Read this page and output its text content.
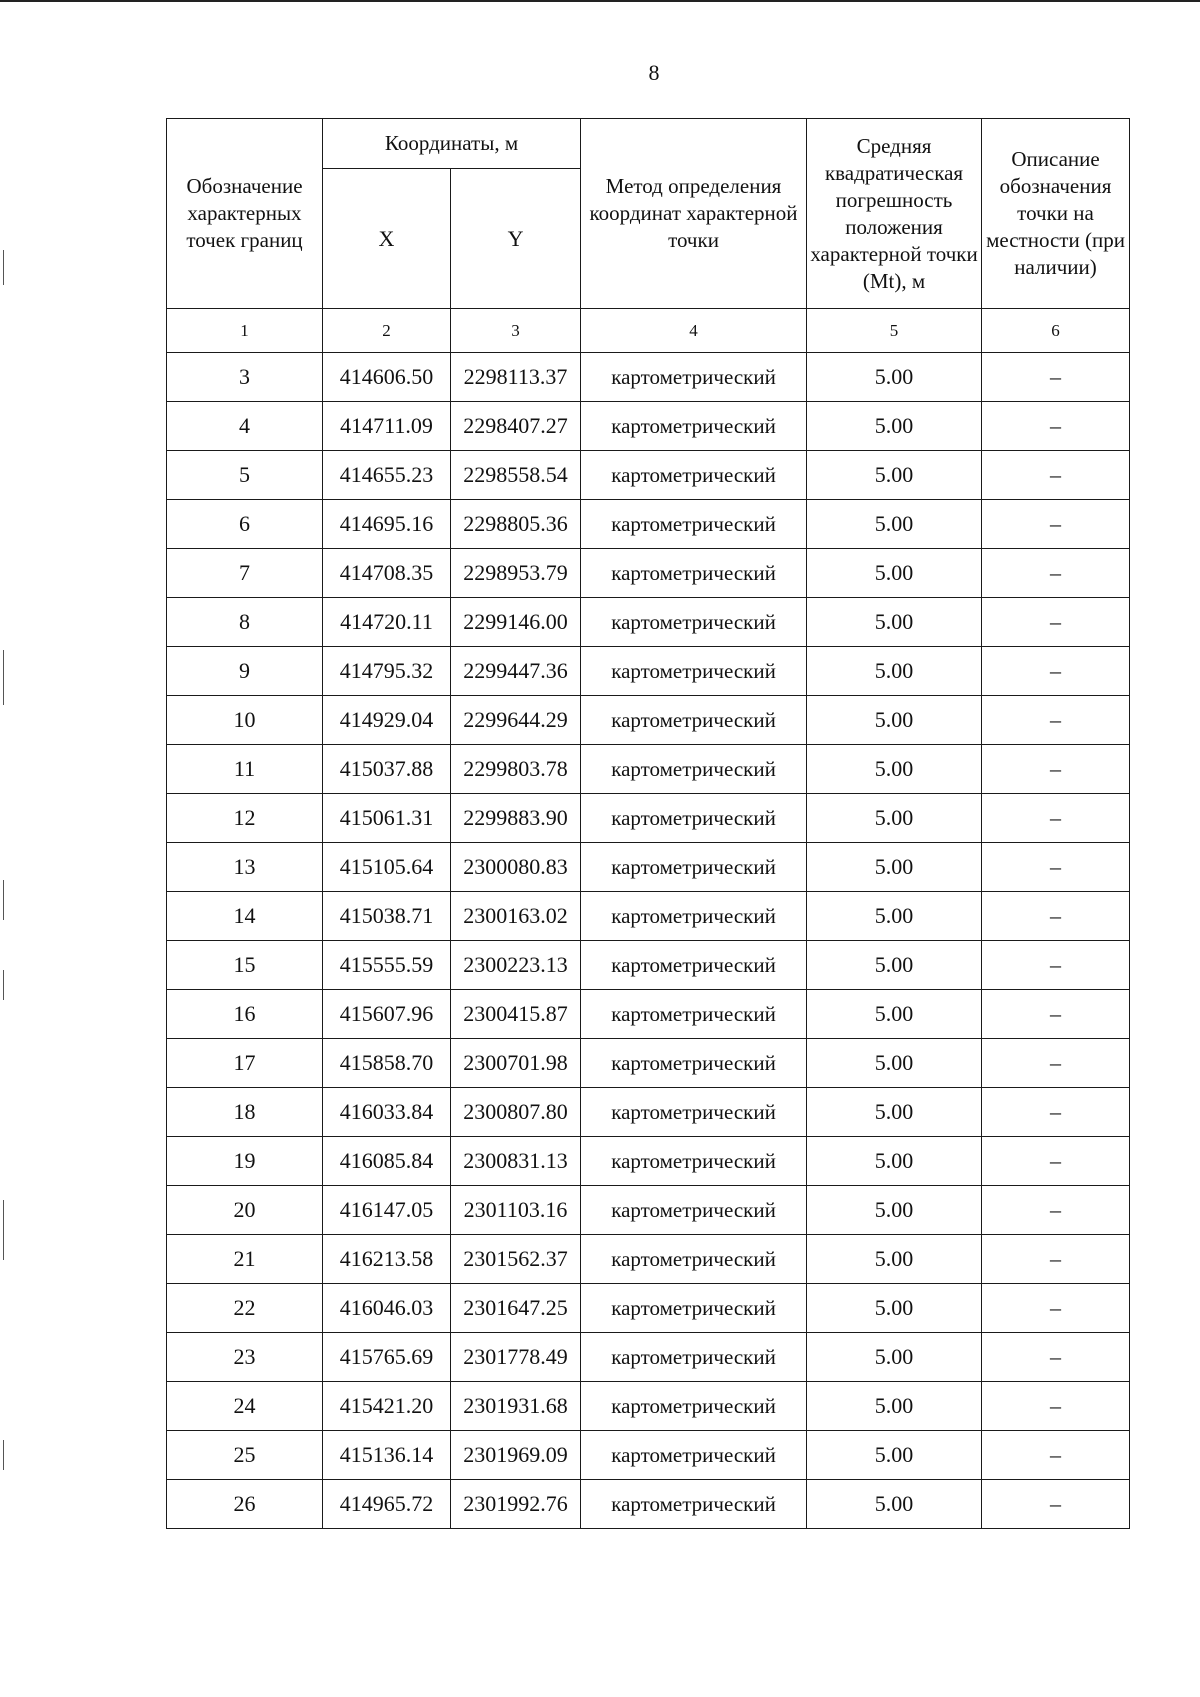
8
Обозначение характерных точек границ	Координаты, м		Метод определения координат характерной точки	Средняя квадратическая погрешность положения характерной точки (Mt), м	Описание обозначения точки на местности (при наличии)
	X	Y			
1	2	3	4	5	6
3	414606.50	2298113.37	картометрический	5.00	–
4	414711.09	2298407.27	картометрический	5.00	–
5	414655.23	2298558.54	картометрический	5.00	–
6	414695.16	2298805.36	картометрический	5.00	–
7	414708.35	2298953.79	картометрический	5.00	–
8	414720.11	2299146.00	картометрический	5.00	–
9	414795.32	2299447.36	картометрический	5.00	–
10	414929.04	2299644.29	картометрический	5.00	–
11	415037.88	2299803.78	картометрический	5.00	–
12	415061.31	2299883.90	картометрический	5.00	–
13	415105.64	2300080.83	картометрический	5.00	–
14	415038.71	2300163.02	картометрический	5.00	–
15	415555.59	2300223.13	картометрический	5.00	–
16	415607.96	2300415.87	картометрический	5.00	–
17	415858.70	2300701.98	картометрический	5.00	–
18	416033.84	2300807.80	картометрический	5.00	–
19	416085.84	2300831.13	картометрический	5.00	–
20	416147.05	2301103.16	картометрический	5.00	–
21	416213.58	2301562.37	картометрический	5.00	–
22	416046.03	2301647.25	картометрический	5.00	–
23	415765.69	2301778.49	картометрический	5.00	–
24	415421.20	2301931.68	картометрический	5.00	–
25	415136.14	2301969.09	картометрический	5.00	–
26	414965.72	2301992.76	картометрический	5.00	–
